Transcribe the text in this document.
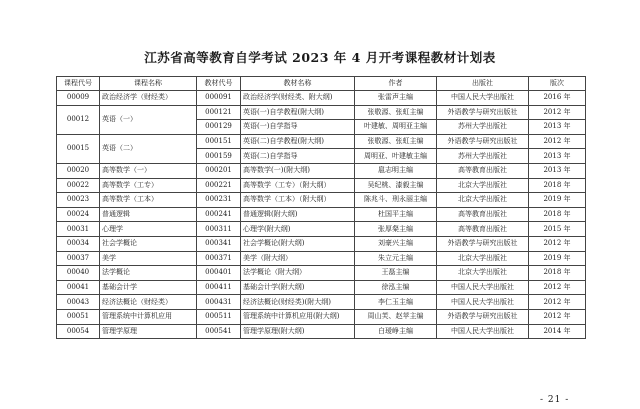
江苏省高等教育自学考试 2023 年 4 月开考课程教材计划表
课程代号	课程名称	教材代号	教材名称	作者	出版社	版次
00009	政治经济学（财经类）	000091	政治经济学(财经类、附大纲)	张雷声主编	中国人民大学出版社	2016 年
00012	英语（一）	000121	英语(一)自学教程(附大纲)	张敬源、张虹主编	外语教学与研究出版社	2012 年
		000129	英语(一)自学指导	叶建敏、周明亚主编	苏州大学出版社	2013 年
00015	英语（二）	000151	英语(二)自学教程(附大纲)	张敬源、张虹主编	外语教学与研究出版社	2012 年
		000159	英语(二)自学指导	周明亚、叶建敏主编	苏州大学出版社	2013 年
00020	高等数学（一）	000201	高等数学(一)(附大纲)	扈志明主编	高等教育出版社	2013 年
00022	高等数学（工专）	000221	高等数学（工专）（附大纲）	吴纪桃、漆毅主编	北京大学出版社	2018 年
00023	高等数学（工本）	000231	高等数学（工本）（附大纲）	陈兆斗、刑永丽主编	北京大学出版社	2019 年
00024	普通逻辑	000241	普通逻辑(附大纲)	杜国平主编	高等教育出版社	2018 年
00031	心理学	000311	心理学(附大纲)	张厚粲主编	高等教育出版社	2015 年
00034	社会学概论	000341	社会学概论(附大纲)	刘豪兴主编	外语教学与研究出版社	2012 年
00037	美学	000371	美学（附大纲）	朱立元主编	北京大学出版社	2019 年
00040	法学概论	000401	法学概论（附大纲）	王磊主编	北京大学出版社	2018 年
00041	基础会计学	000411	基础会计学(附大纲)	徐泓主编	中国人民大学出版社	2012 年
00043	经济法概论（财经类）	000431	经济法概论(财经类)(附大纲)	李仁玉主编	中国人民大学出版社	2012 年
00051	管理系统中计算机应用	000511	管理系统中计算机应用(附大纲)	周山芙、赵苹主编	外语教学与研究出版社	2012 年
00054	管理学原理	000541	管理学原理(附大纲)	白瑷峥主编	中国人民大学出版社	2014 年
- 21 -
